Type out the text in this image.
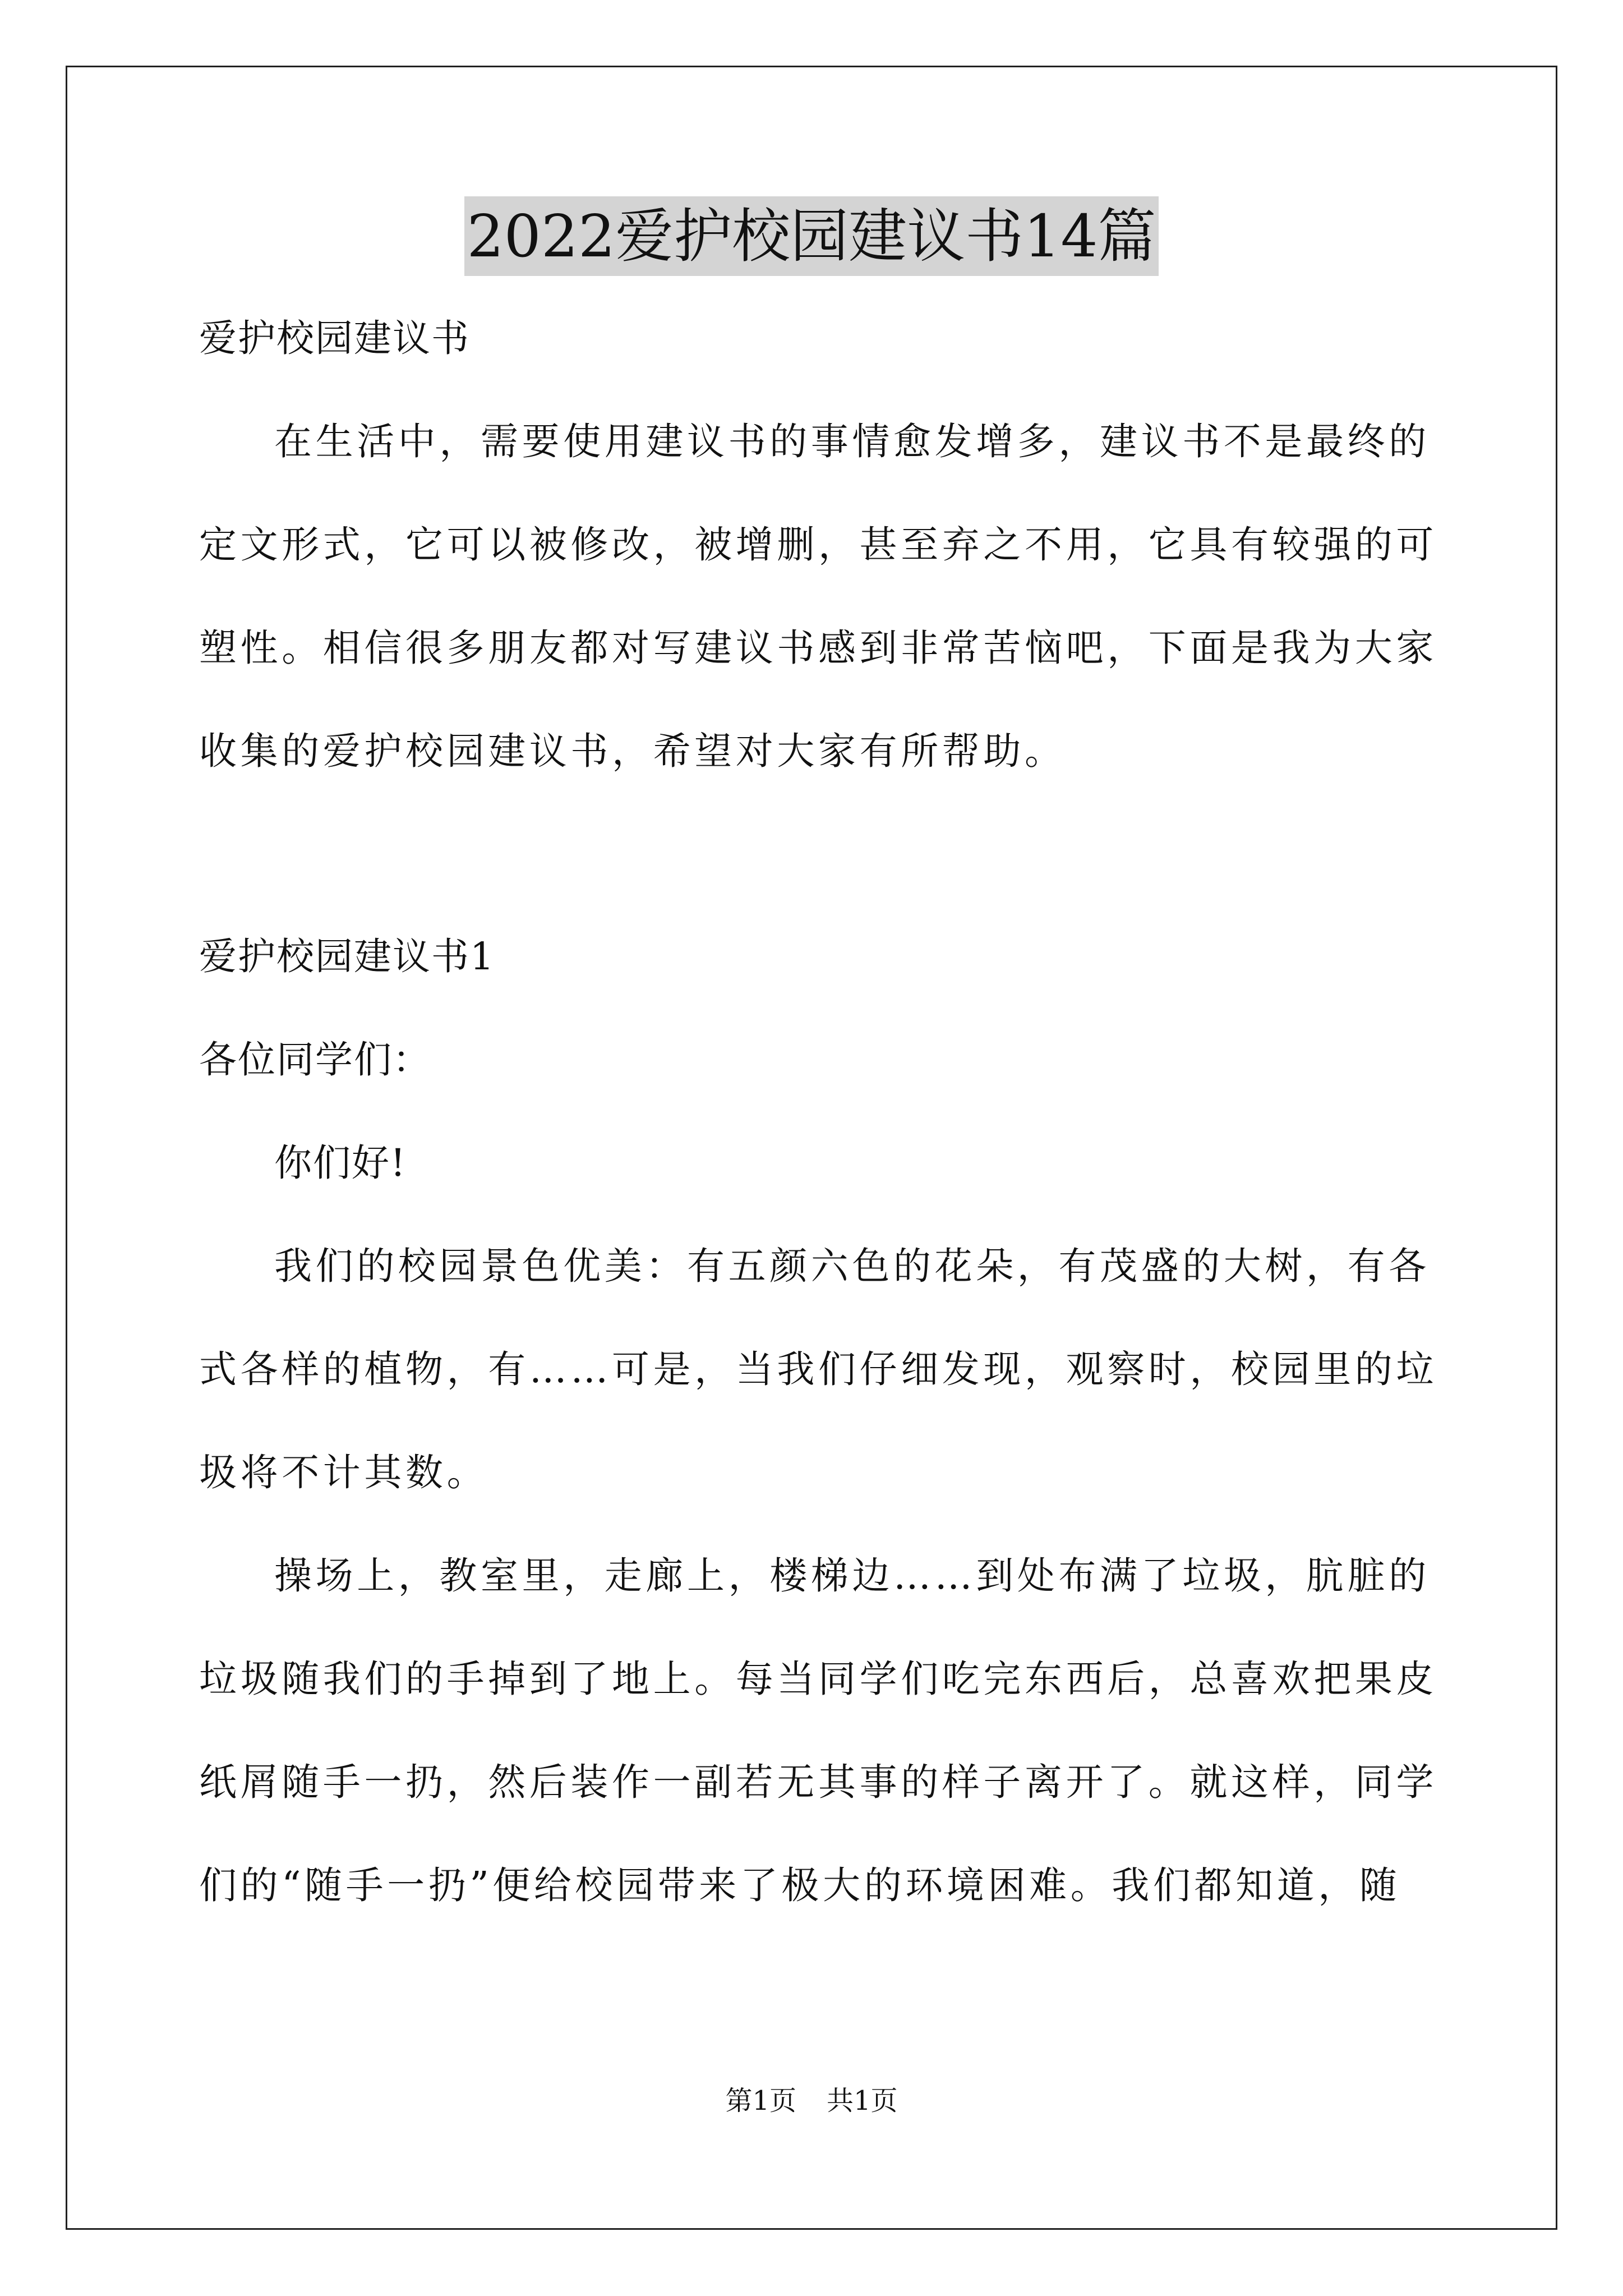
2022爱护校园建议书14篇
爱护校园建议书
在生活中，需要使用建议书的事情愈发增多，建议书不是最终的
定文形式，它可以被修改，被增删，甚至弃之不用，它具有较强的可
塑性。相信很多朋友都对写建议书感到非常苦恼吧，下面是我为大家
收集的爱护校园建议书，希望对大家有所帮助。
爱护校园建议书1
各位同学们：
你们好!
我们的校园景色优美：有五颜六色的花朵，有茂盛的大树，有各
式各样的植物，有……可是，当我们仔细发现，观察时，校园里的垃
圾将不计其数。
操场上，教室里，走廊上，楼梯边……到处布满了垃圾，肮脏的
垃圾随我们的手掉到了地上。每当同学们吃完东西后，总喜欢把果皮
纸屑随手一扔，然后装作一副若无其事的样子离开了。就这样，同学
们的“随手一扔”便给校园带来了极大的环境困难。我们都知道，随
第1页 共1页
